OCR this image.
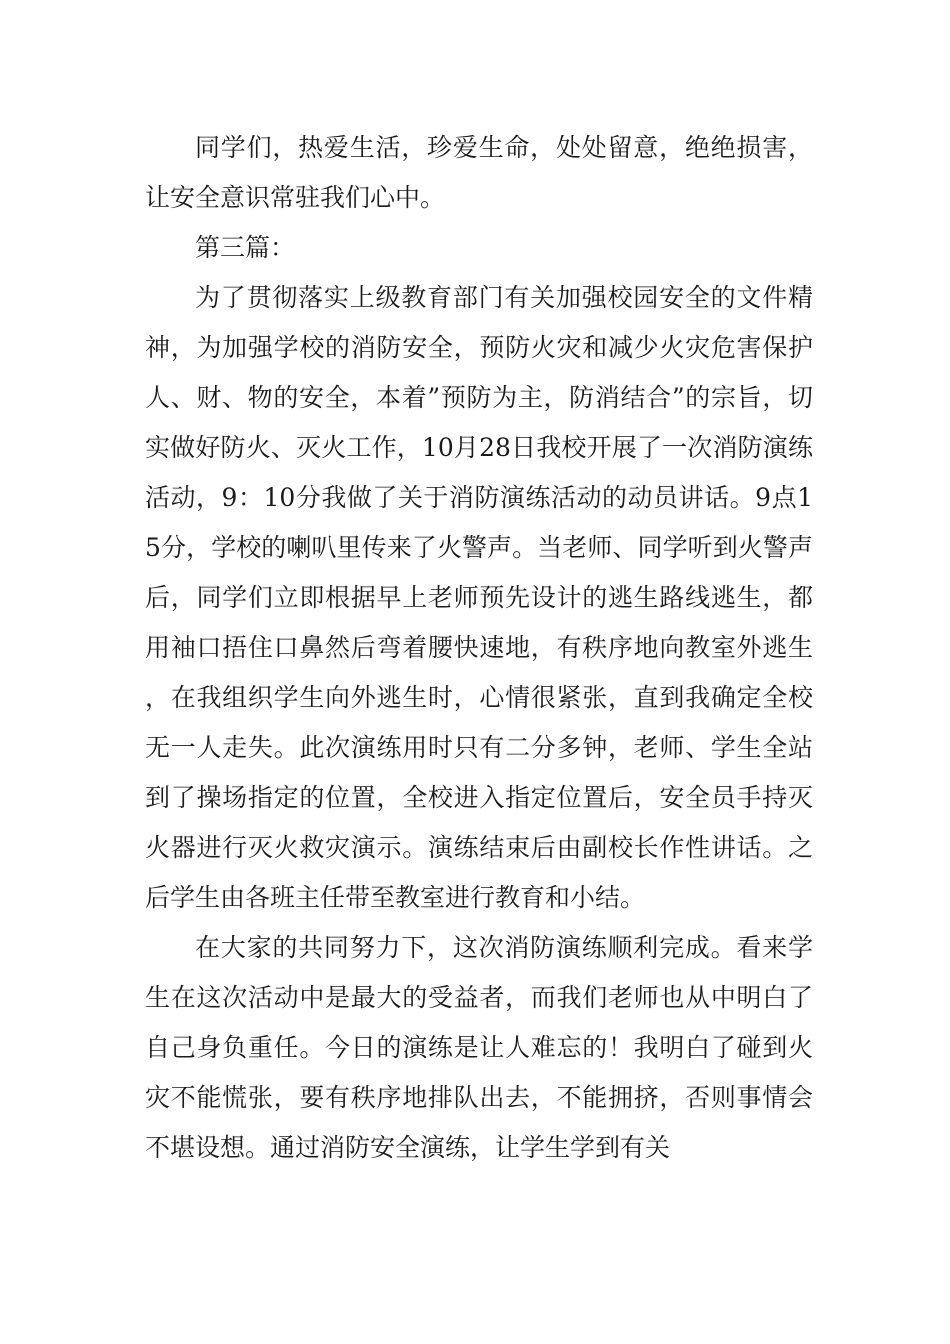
同学们，热爱生活，珍爱生命，处处留意，绝绝损害，让安全意识常驻我们心中。

第三篇：

为了贯彻落实上级教育部门有关加强校园安全的文件精神，为加强学校的消防安全，预防火灾和减少火灾危害保护人、财、物的安全，本着”预防为主，防消结合”的宗旨，切实做好防火、灭火工作，10月28日我校开展了一次消防演练活动，9：10分我做了关于消防演练活动的动员讲话。9点15分，学校的喇叭里传来了火警声。当老师、同学听到火警声后，同学们立即根据早上老师预先设计的逃生路线逃生，都用袖口捂住口鼻然后弯着腰快速地，有秩序地向教室外逃生，在我组织学生向外逃生时，心情很紧张，直到我确定全校无一人走失。此次演练用时只有二分多钟，老师、学生全站到了操场指定的位置，全校进入指定位置后，安全员手持灭火器进行灭火救灾演示。演练结束后由副校长作性讲话。之后学生由各班主任带至教室进行教育和小结。

在大家的共同努力下，这次消防演练顺利完成。看来学生在这次活动中是最大的受益者，而我们老师也从中明白了自己身负重任。今日的演练是让人难忘的！我明白了碰到火灾不能慌张，要有秩序地排队出去，不能拥挤，否则事情会不堪设想。通过消防安全演练，让学生学到有关
